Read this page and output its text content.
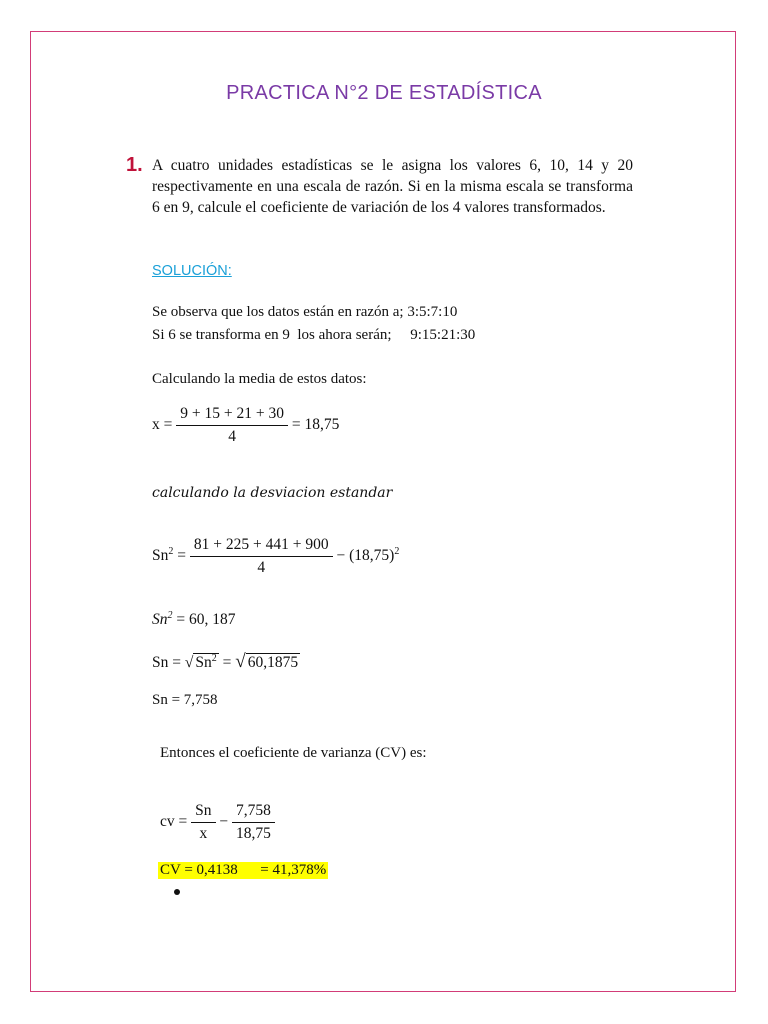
PRACTICA N°2 DE ESTADÍSTICA
1. A cuatro unidades estadísticas se le asigna los valores 6, 10, 14 y 20 respectivamente en una escala de razón. Si en la misma escala se transforma 6 en 9, calcule el coeficiente de variación de los 4 valores transformados.
SOLUCIÓN:
Se observa que los datos están en razón a; 3:5:7:10
Si 6 se transforma en 9  los ahora serán;     9:15:21:30
Calculando la media de estos datos:
$x = \frac{9 + 15 + 21 + 30}{4} = 18,75$
calculando la desviacion estandar
$Sn^2 = \frac{81 + 225 + 441 + 900}{4} - (18,75)^2$
$Sn^2 = 60$, 187
Sn = √ $Sn^2$ = √ 60,1875
Sn = 7,758
Entonces el coeficiente de varianza (CV) es:
cv = $\frac{Sn}{x} - \frac{7,758}{18,75}$
CV = 0,4138      = 41,378%
